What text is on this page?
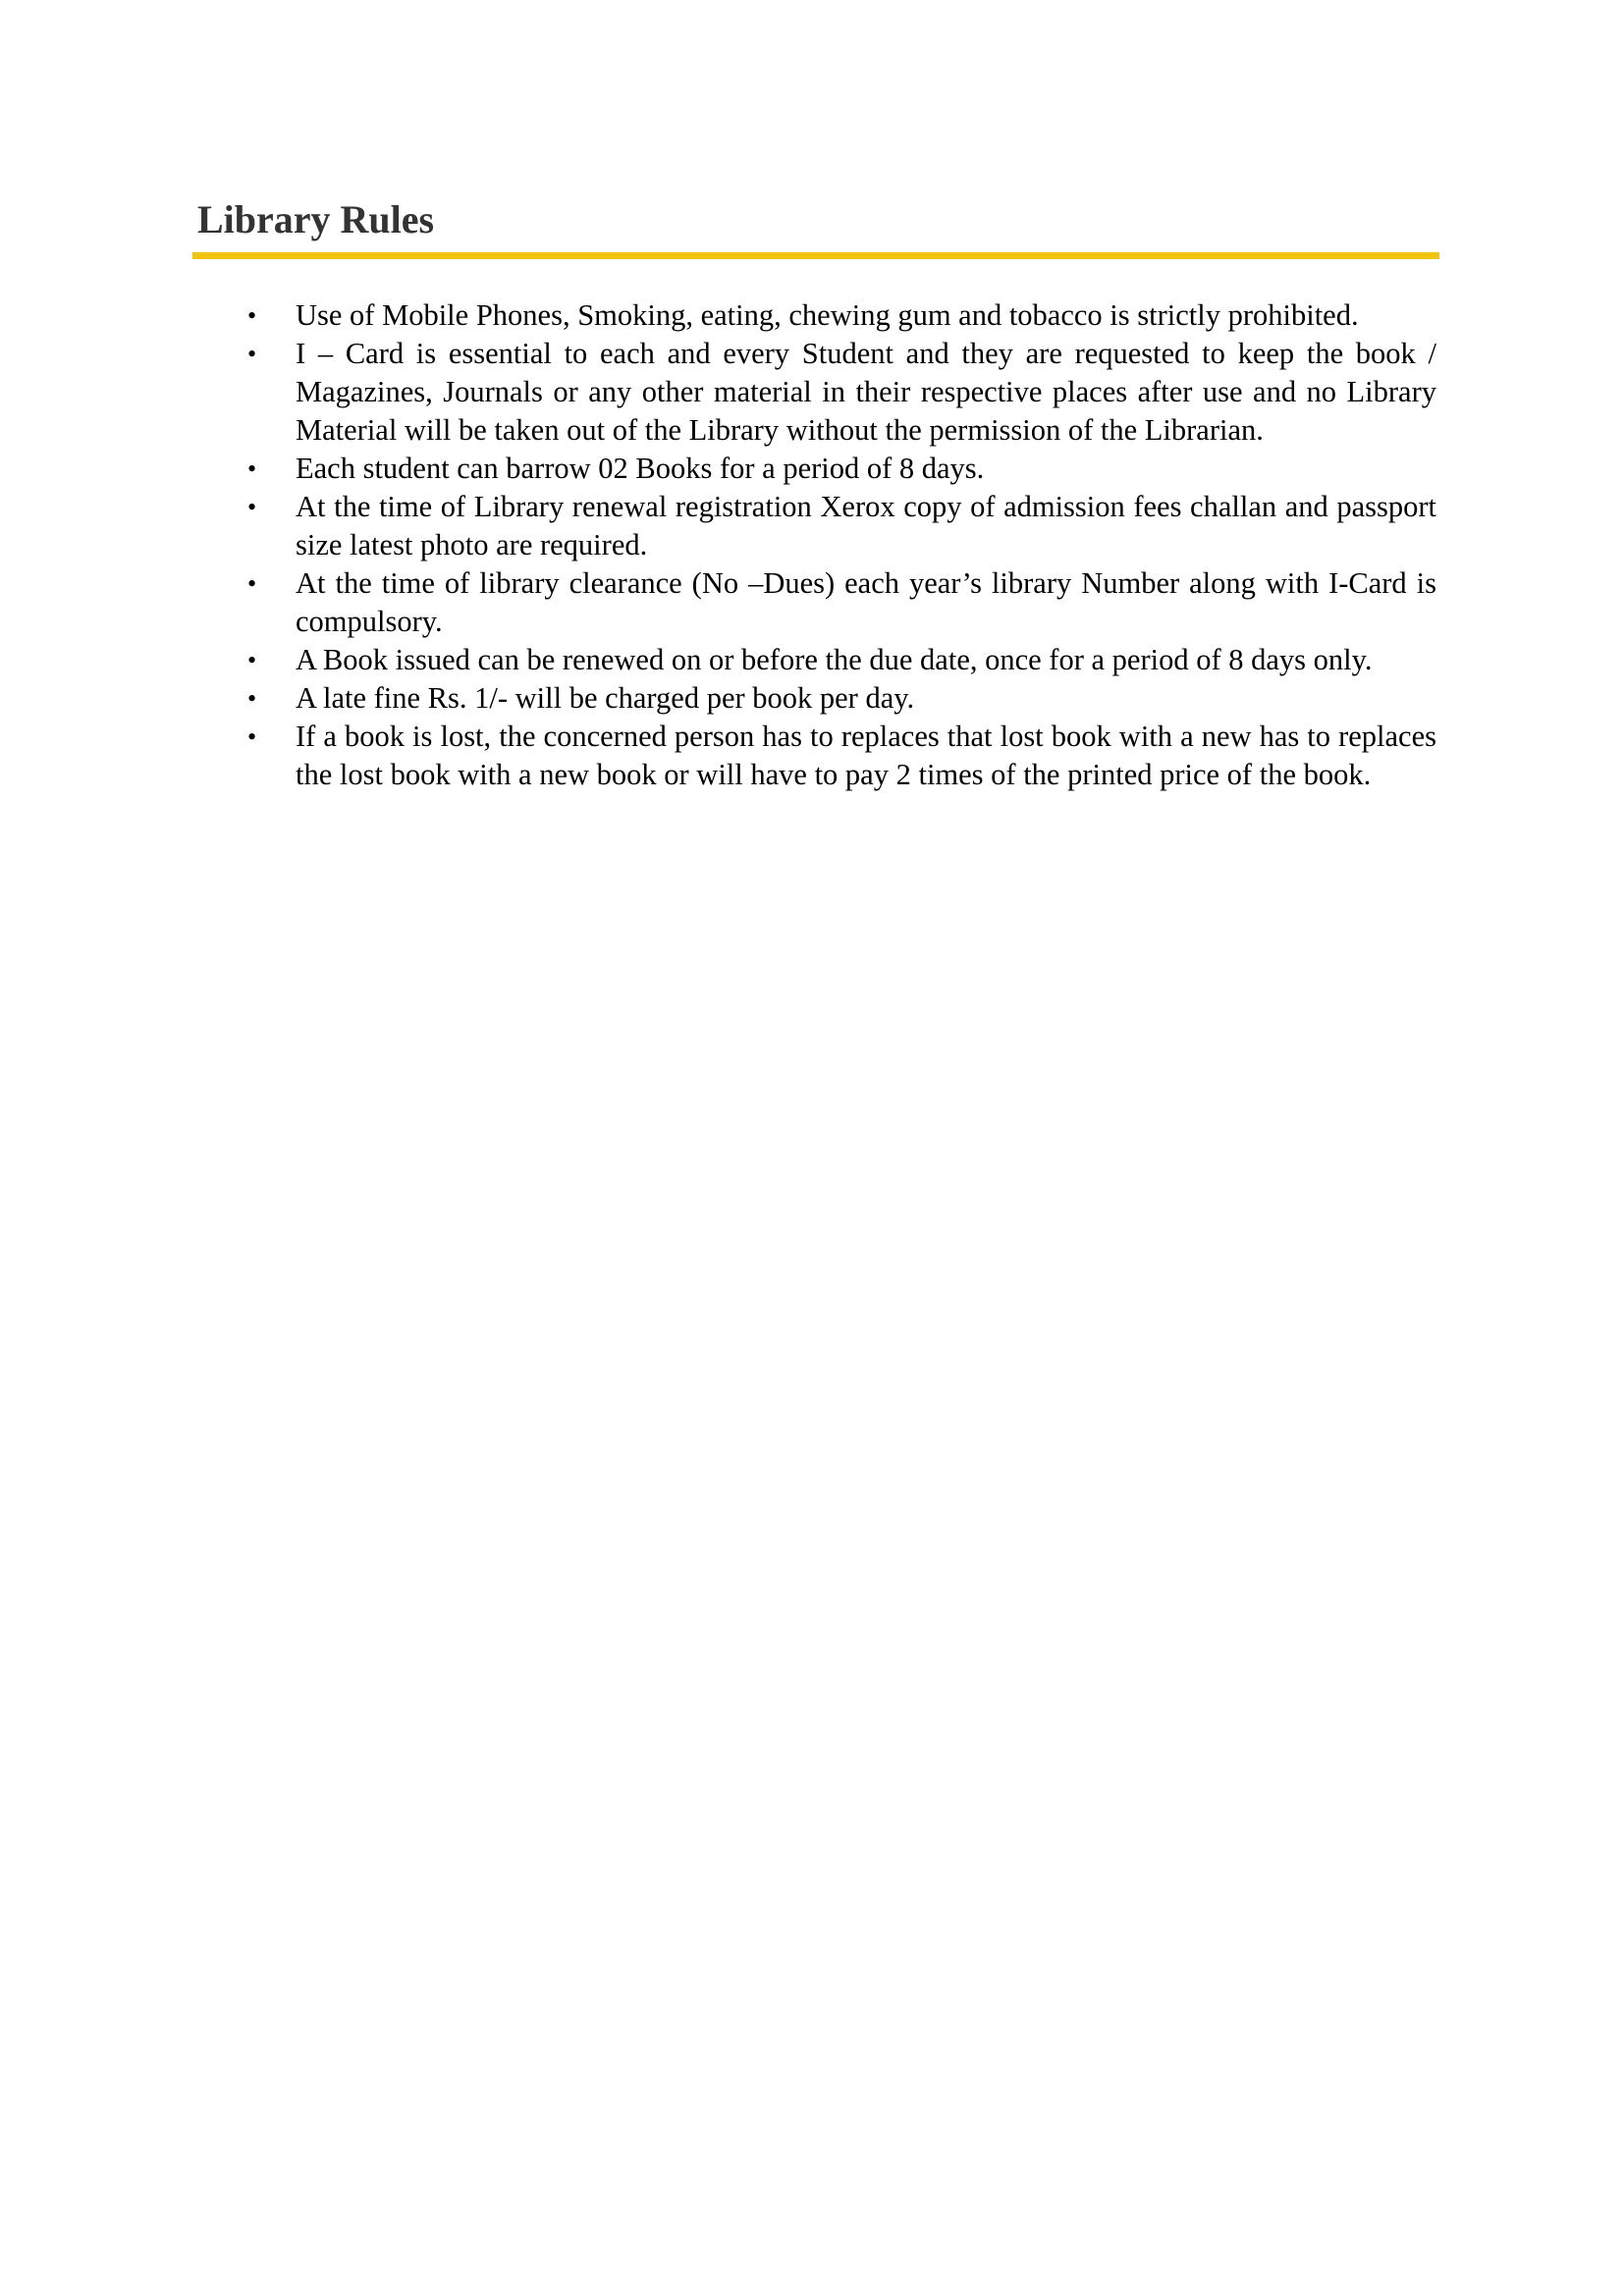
Library Rules
• Use of Mobile Phones, Smoking, eating, chewing gum and tobacco is strictly prohibited.
• I – Card is essential to each and every Student and they are requested to keep the book / Magazines, Journals or any other material in their respective places after use and no Library Material will be taken out of the Library without the permission of the Librarian.
• Each student can barrow 02 Books for a period of 8 days.
• At the time of Library renewal registration Xerox copy of admission fees challan and passport size latest photo are required.
• At the time of library clearance (No –Dues) each year’s library Number along with I-Card is compulsory.
• A Book issued can be renewed on or before the due date, once for a period of 8 days only.
• A late fine Rs. 1/- will be charged per book per day.
• If a book is lost, the concerned person has to replaces that lost book with a new has to replaces the lost book with a new book or will have to pay 2 times of the printed price of the book.
